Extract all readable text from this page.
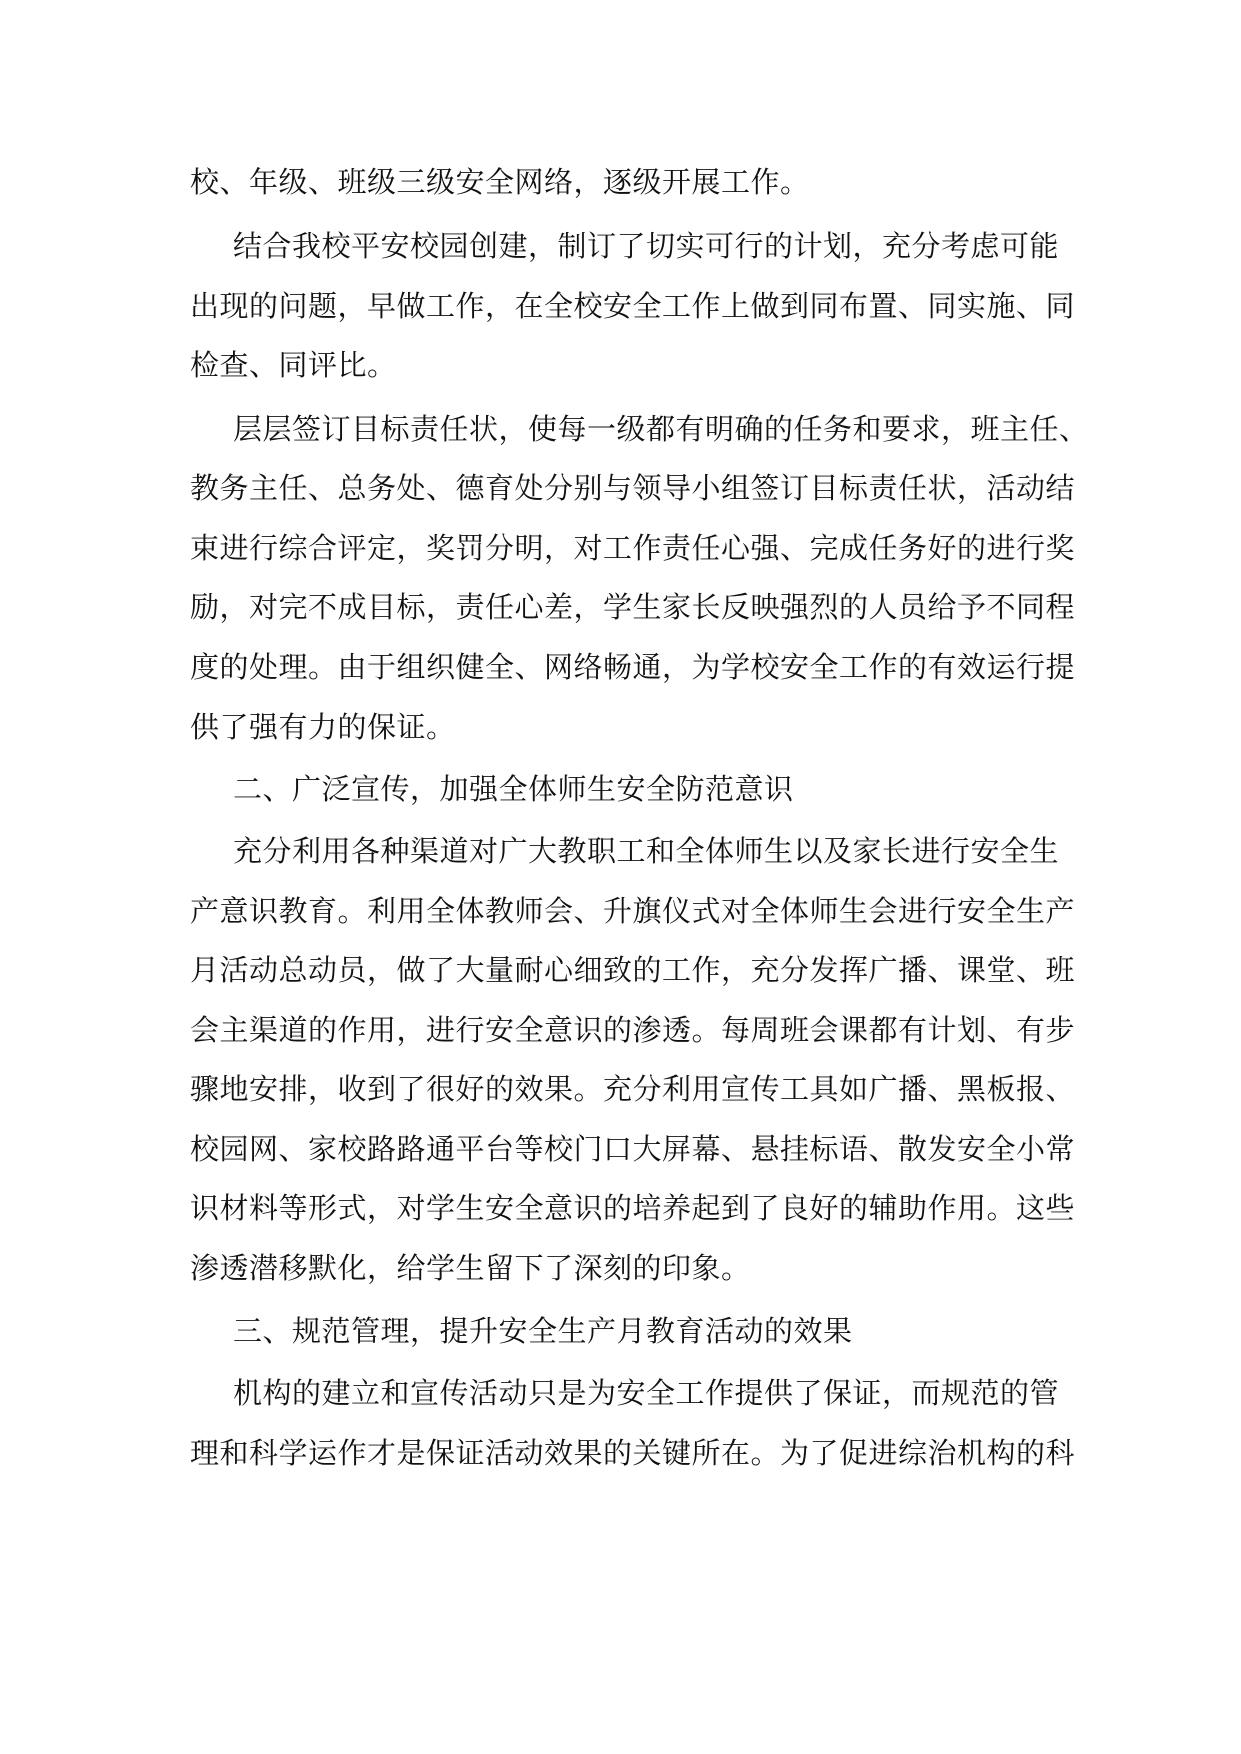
校、年级、班级三级安全网络，逐级开展工作。
结合我校平安校园创建，制订了切实可行的计划，充分考虑可能
出现的问题，早做工作，在全校安全工作上做到同布置、同实施、同
检查、同评比。
层层签订目标责任状，使每一级都有明确的任务和要求，班主任、
教务主任、总务处、德育处分别与领导小组签订目标责任状，活动结
束进行综合评定，奖罚分明，对工作责任心强、完成任务好的进行奖
励，对完不成目标，责任心差，学生家长反映强烈的人员给予不同程
度的处理。由于组织健全、网络畅通，为学校安全工作的有效运行提
供了强有力的保证。
二、广泛宣传，加强全体师生安全防范意识
充分利用各种渠道对广大教职工和全体师生以及家长进行安全生
产意识教育。利用全体教师会、升旗仪式对全体师生会进行安全生产
月活动总动员，做了大量耐心细致的工作，充分发挥广播、课堂、班
会主渠道的作用，进行安全意识的渗透。每周班会课都有计划、有步
骤地安排，收到了很好的效果。充分利用宣传工具如广播、黑板报、
校园网、家校路路通平台等校门口大屏幕、悬挂标语、散发安全小常
识材料等形式，对学生安全意识的培养起到了良好的辅助作用。这些
渗透潜移默化，给学生留下了深刻的印象。
三、规范管理，提升安全生产月教育活动的效果
机构的建立和宣传活动只是为安全工作提供了保证，而规范的管
理和科学运作才是保证活动效果的关键所在。为了促进综治机构的科
